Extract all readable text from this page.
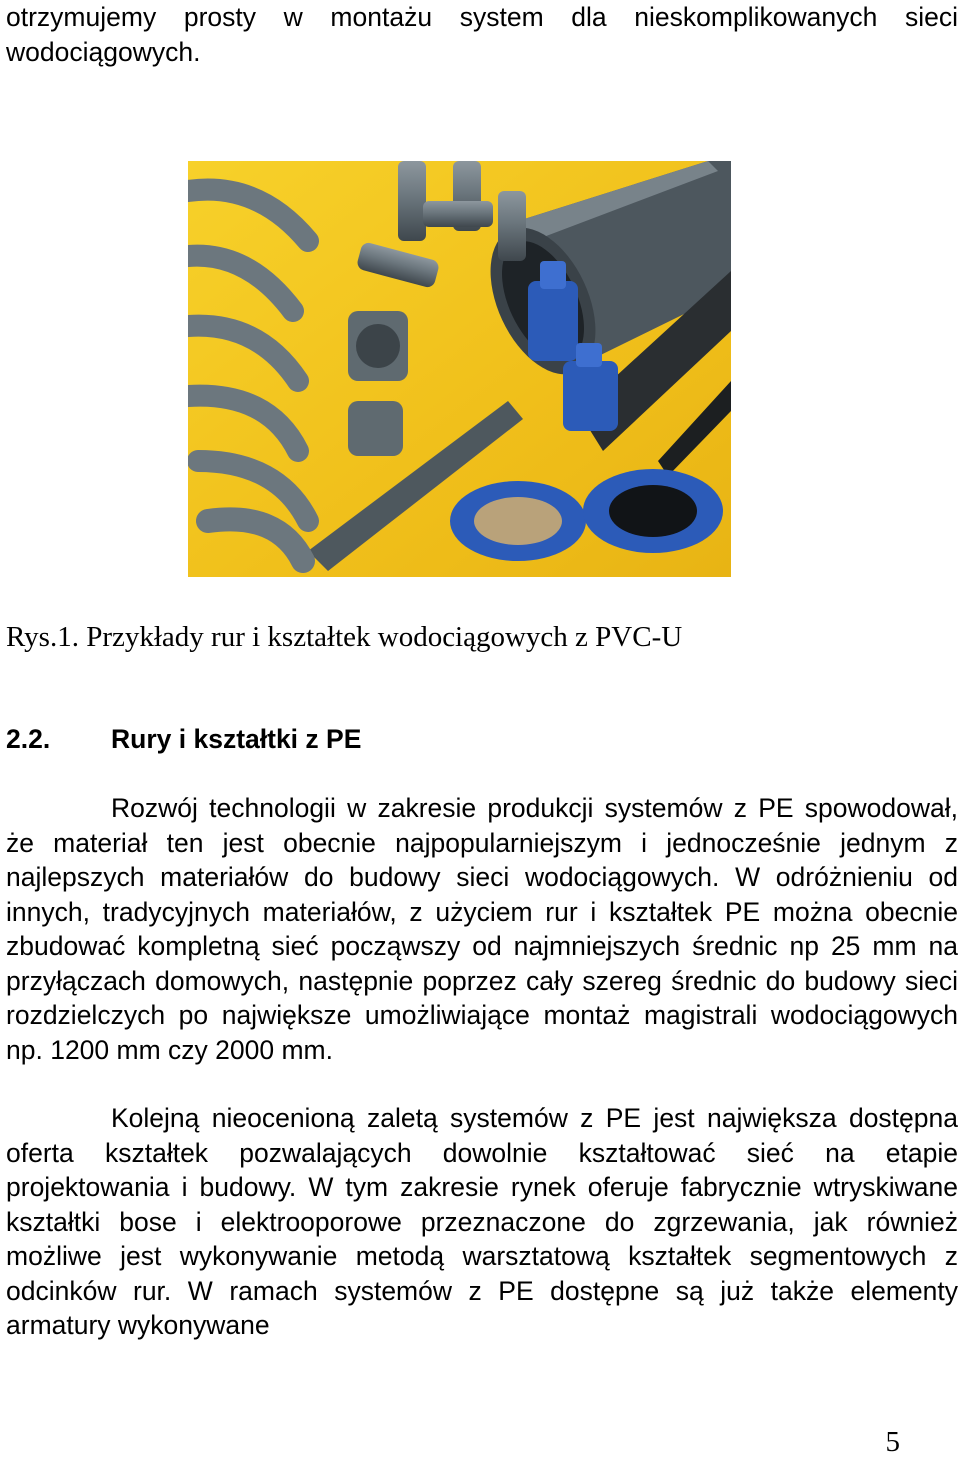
otrzymujemy prosty w montażu system dla nieskomplikowanych sieci wodociągowych.

Rys.1. Przykłady rur i kształtek wodociągowych z PVC-U

2.2. Rury i kształtki z PE

Rozwój technologii w zakresie produkcji systemów z PE spowodował, że materiał ten jest obecnie najpopularniejszym i jednocześnie jednym z najlepszych materiałów do budowy sieci wodociągowych. W odróżnieniu od innych, tradycyjnych materiałów, z użyciem rur i kształtek PE można obecnie zbudować kompletną sieć począwszy od najmniejszych średnic np 25 mm na przyłączach domowych, następnie poprzez cały szereg średnic do budowy sieci rozdzielczych po największe umożliwiające montaż magistrali wodociągowych np. 1200 mm czy 2000 mm.

Kolejną nieocenioną zaletą systemów z PE jest największa dostępna oferta kształtek pozwalających dowolnie kształtować sieć na etapie projektowania i budowy. W tym zakresie rynek oferuje fabrycznie wtryskiwane kształtki bose i elektrooporowe przeznaczone do zgrzewania, jak również możliwe jest wykonywanie metodą warsztatową kształtek segmentowych z odcinków rur. W ramach systemów z PE dostępne są już także elementy armatury wykonywane

5
